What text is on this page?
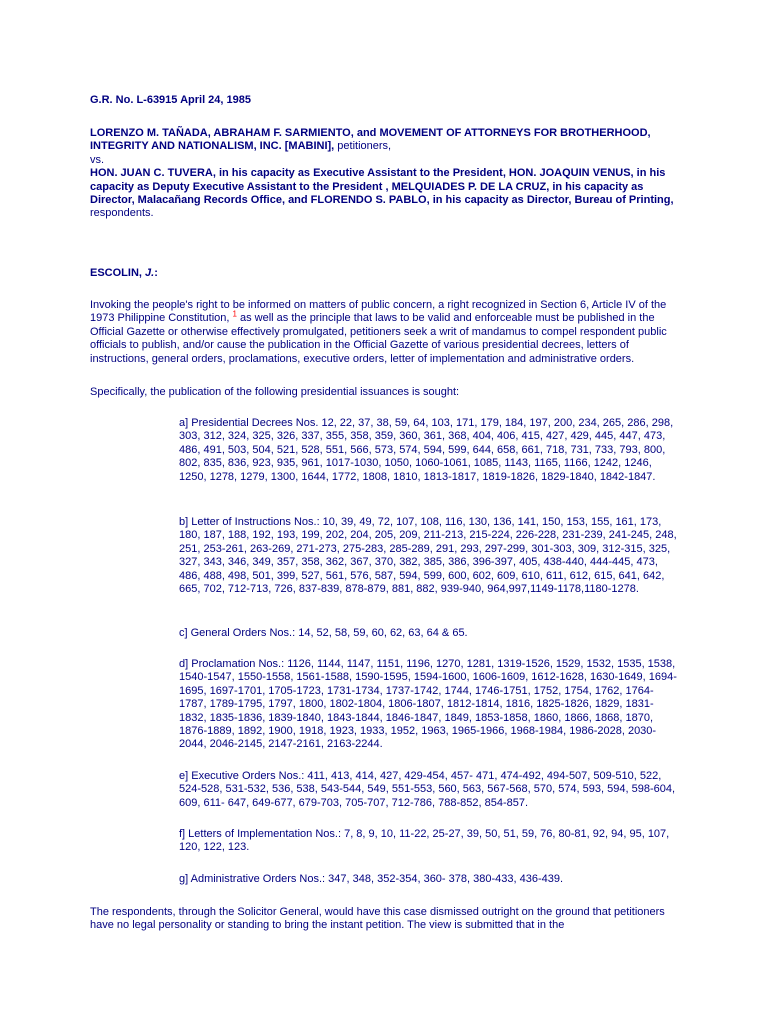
G.R. No. L-63915 April 24, 1985

LORENZO M. TAÑADA, ABRAHAM F. SARMIENTO, and MOVEMENT OF ATTORNEYS FOR BROTHERHOOD, INTEGRITY AND NATIONALISM, INC. [MABINI], petitioners,
vs.
HON. JUAN C. TUVERA, in his capacity as Executive Assistant to the President, HON. JOAQUIN VENUS, in his capacity as Deputy Executive Assistant to the President , MELQUIADES P. DE LA CRUZ, in his capacity as Director, Malacañang Records Office, and FLORENDO S. PABLO, in his capacity as Director, Bureau of Printing, respondents.

ESCOLIN, J.:

Invoking the people's right to be informed on matters of public concern, a right recognized in Section 6, Article IV of the 1973 Philippine Constitution, $^1$ as well as the principle that laws to be valid and enforceable must be published in the Official Gazette or otherwise effectively promulgated, petitioners seek a writ of mandamus to compel respondent public officials to publish, and/or cause the publication in the Official Gazette of various presidential decrees, letters of instructions, general orders, proclamations, executive orders, letter of implementation and administrative orders.

Specifically, the publication of the following presidential issuances is sought:

a] Presidential Decrees Nos. 12, 22, 37, 38, 59, 64, 103, 171, 179, 184, 197, 200, 234, 265, 286, 298, 303, 312, 324, 325, 326, 337, 355, 358, 359, 360, 361, 368, 404, 406, 415, 427, 429, 445, 447, 473, 486, 491, 503, 504, 521, 528, 551, 566, 573, 574, 594, 599, 644, 658, 661, 718, 731, 733, 793, 800, 802, 835, 836, 923, 935, 961, 1017-1030, 1050, 1060-1061, 1085, 1143, 1165, 1166, 1242, 1246, 1250, 1278, 1279, 1300, 1644, 1772, 1808, 1810, 1813-1817, 1819-1826, 1829-1840, 1842-1847.

b] Letter of Instructions Nos.: 10, 39, 49, 72, 107, 108, 116, 130, 136, 141, 150, 153, 155, 161, 173, 180, 187, 188, 192, 193, 199, 202, 204, 205, 209, 211-213, 215-224, 226-228, 231-239, 241-245, 248, 251, 253-261, 263-269, 271-273, 275-283, 285-289, 291, 293, 297-299, 301-303, 309, 312-315, 325, 327, 343, 346, 349, 357, 358, 362, 367, 370, 382, 385, 386, 396-397, 405, 438-440, 444-445, 473, 486, 488, 498, 501, 399, 527, 561, 576, 587, 594, 599, 600, 602, 609, 610, 611, 612, 615, 641, 642, 665, 702, 712-713, 726, 837-839, 878-879, 881, 882, 939-940, 964,997,1149-1178,1180-1278.

c] General Orders Nos.: 14, 52, 58, 59, 60, 62, 63, 64 & 65.

d] Proclamation Nos.: 1126, 1144, 1147, 1151, 1196, 1270, 1281, 1319-1526, 1529, 1532, 1535, 1538, 1540-1547, 1550-1558, 1561-1588, 1590-1595, 1594-1600, 1606-1609, 1612-1628, 1630-1649, 1694-1695, 1697-1701, 1705-1723, 1731-1734, 1737-1742, 1744, 1746-1751, 1752, 1754, 1762, 1764-1787, 1789-1795, 1797, 1800, 1802-1804, 1806-1807, 1812-1814, 1816, 1825-1826, 1829, 1831-1832, 1835-1836, 1839-1840, 1843-1844, 1846-1847, 1849, 1853-1858, 1860, 1866, 1868, 1870, 1876-1889, 1892, 1900, 1918, 1923, 1933, 1952, 1963, 1965-1966, 1968-1984, 1986-2028, 2030-2044, 2046-2145, 2147-2161, 2163-2244.

e] Executive Orders Nos.: 411, 413, 414, 427, 429-454, 457- 471, 474-492, 494-507, 509-510, 522, 524-528, 531-532, 536, 538, 543-544, 549, 551-553, 560, 563, 567-568, 570, 574, 593, 594, 598-604, 609, 611- 647, 649-677, 679-703, 705-707, 712-786, 788-852, 854-857.

f] Letters of Implementation Nos.: 7, 8, 9, 10, 11-22, 25-27, 39, 50, 51, 59, 76, 80-81, 92, 94, 95, 107, 120, 122, 123.

g] Administrative Orders Nos.: 347, 348, 352-354, 360- 378, 380-433, 436-439.

The respondents, through the Solicitor General, would have this case dismissed outright on the ground that petitioners have no legal personality or standing to bring the instant petition. The view is submitted that in the
